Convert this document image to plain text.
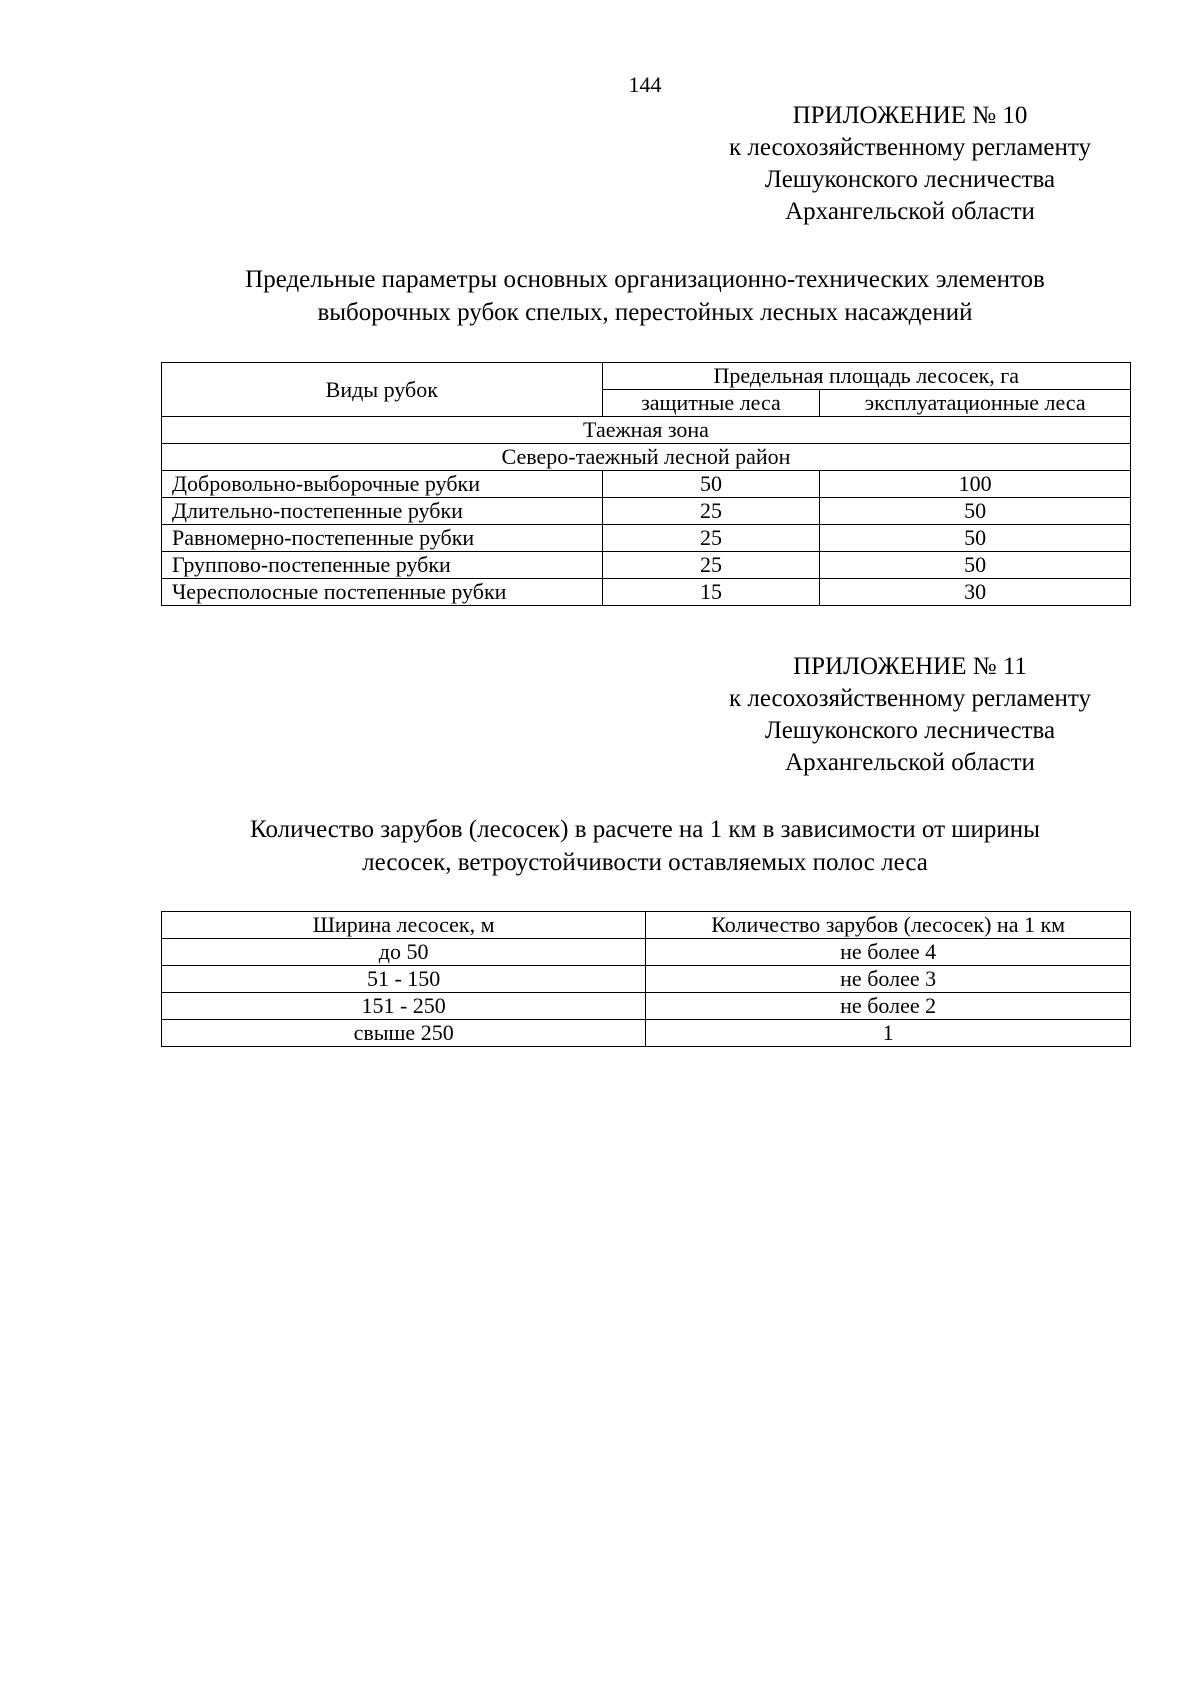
144
ПРИЛОЖЕНИЕ № 10
к лесохозяйственному регламенту
Лешуконского лесничества
Архангельской области
Предельные параметры основных организационно-технических элементов
выборочных рубок спелых, перестойных лесных насаждений
Виды рубок	Предельная площадь лесосек, га	
	защитные леса	эксплуатационные леса
Таежная зона		
Северо-таежный лесной район		
Добровольно-выборочные рубки	50	100
Длительно-постепенные рубки	25	50
Равномерно-постепенные рубки	25	50
Группово-постепенные рубки	25	50
Чересполосные постепенные рубки	15	30
ПРИЛОЖЕНИЕ № 11
к лесохозяйственному регламенту
Лешуконского лесничества
Архангельской области
Количество зарубов (лесосек) в расчете на 1 км в зависимости от ширины
лесосек, ветроустойчивости оставляемых полос леса
Ширина лесосек, м	Количество зарубов (лесосек) на 1 км
до 50	не более 4
51 - 150	не более 3
151 - 250	не более 2
свыше 250	1
